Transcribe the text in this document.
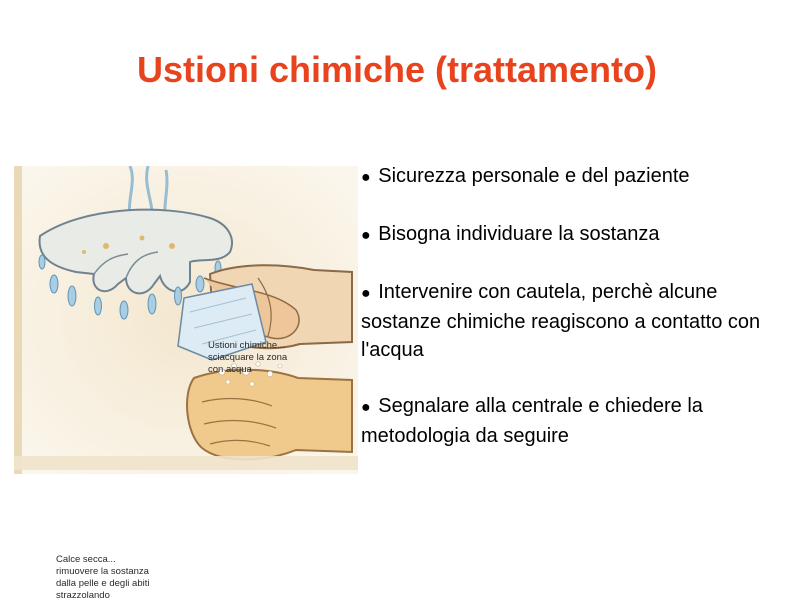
Ustioni chimiche (trattamento)
Ustioni chimiche...
sciacquare la zona
con acqua
Calce secca...
rimuovere la sostanza
dalla pelle e degli abiti
strazzolando
● Sicurezza personale e del paziente
● Bisogna individuare la sostanza
● Intervenire con cautela, perchè alcune sostanze chimiche reagiscono a contatto con l'acqua
● Segnalare alla centrale e chiedere la metodologia da seguire
